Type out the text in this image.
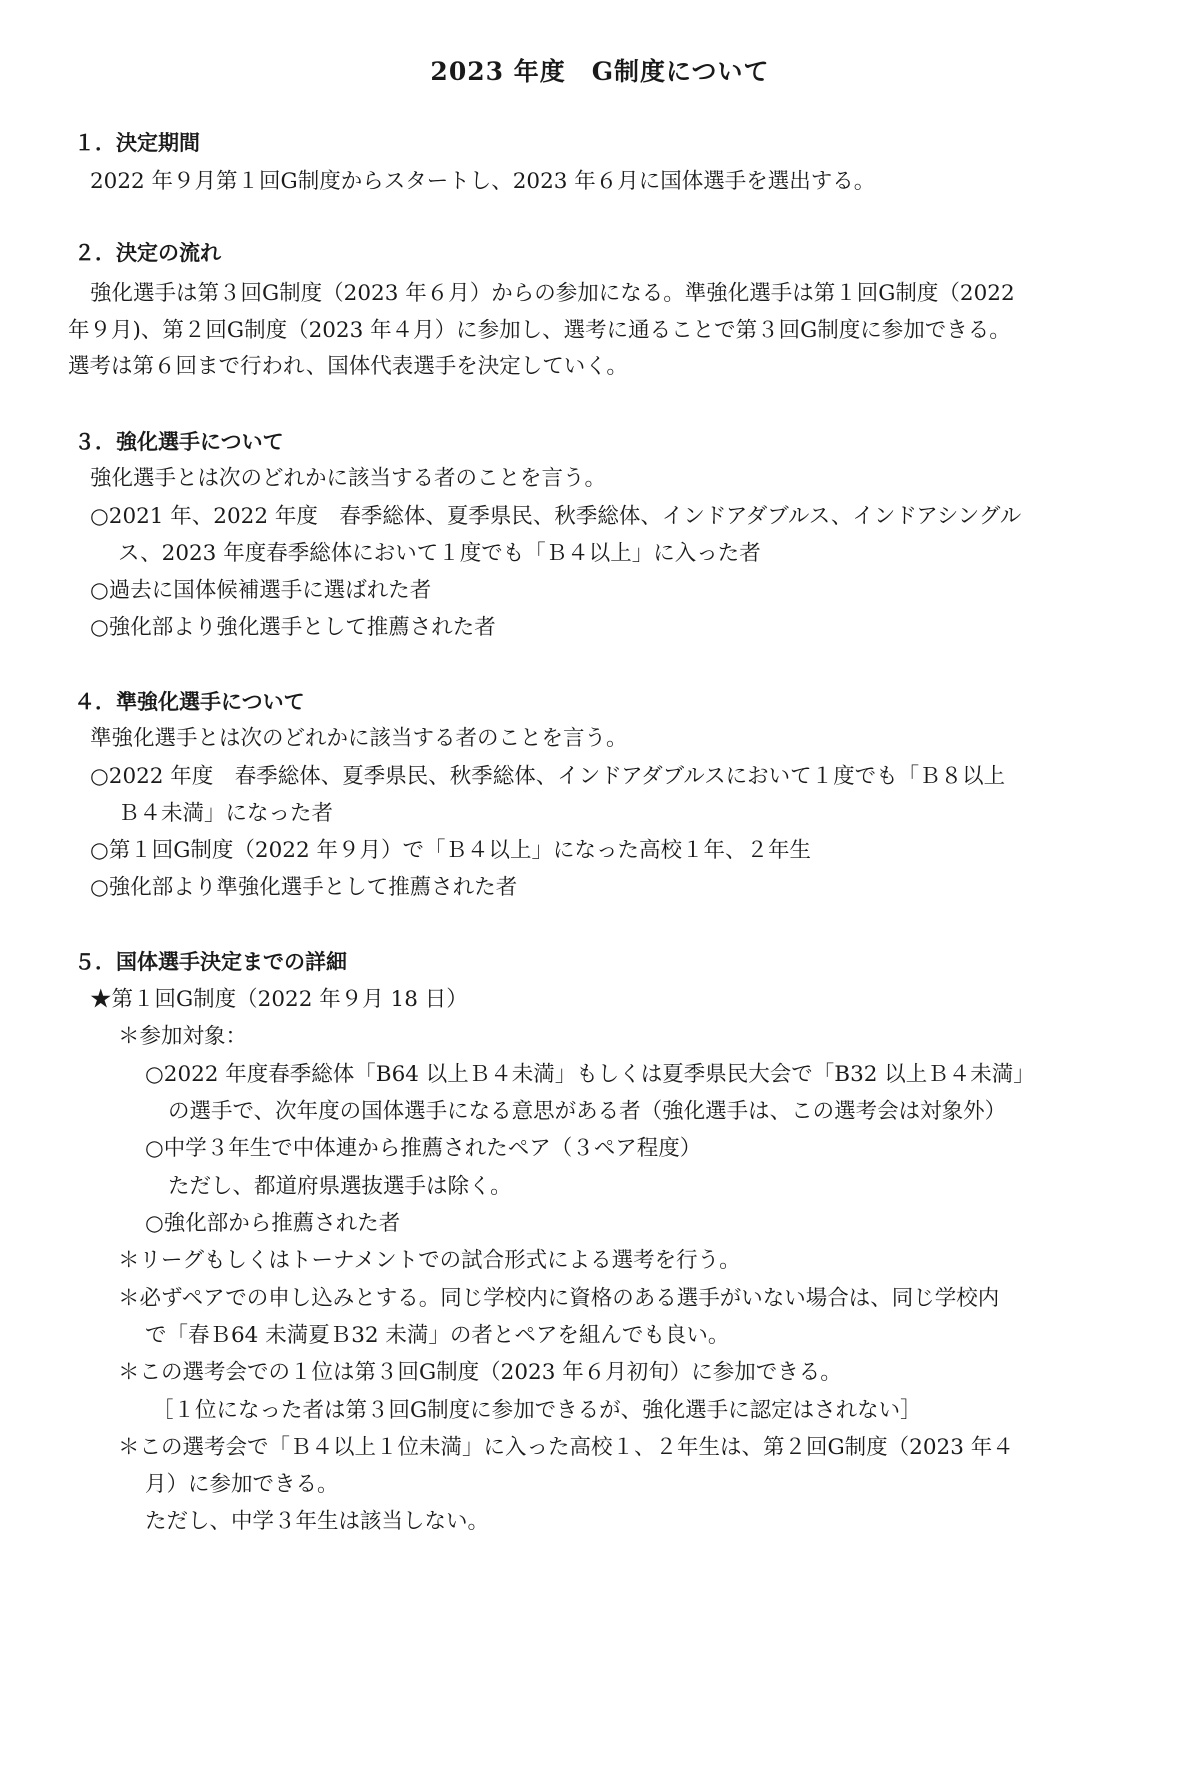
2023 年度　G制度について
１．決定期間
2022 年９月第１回G制度からスタートし、2023 年６月に国体選手を選出する。
２．決定の流れ
強化選手は第３回G制度（2023 年６月）からの参加になる。準強化選手は第１回G制度（2022
年９月)、第２回G制度（2023 年４月）に参加し、選考に通ることで第３回G制度に参加できる。
選考は第６回まで行われ、国体代表選手を決定していく。
３．強化選手について
強化選手とは次のどれかに該当する者のことを言う。
○2021 年、2022 年度　春季総体、夏季県民、秋季総体、インドアダブルス、インドアシングル
ス、2023 年度春季総体において１度でも「Ｂ４以上」に入った者
○過去に国体候補選手に選ばれた者
○強化部より強化選手として推薦された者
４．準強化選手について
準強化選手とは次のどれかに該当する者のことを言う。
○2022 年度　春季総体、夏季県民、秋季総体、インドアダブルスにおいて１度でも「Ｂ８以上
Ｂ４未満」になった者
○第１回G制度（2022 年９月）で「Ｂ４以上」になった高校１年、２年生
○強化部より準強化選手として推薦された者
５．国体選手決定までの詳細
★第１回G制度（2022 年９月 18 日）
＊参加対象：
○2022 年度春季総体「B64 以上Ｂ４未満」もしくは夏季県民大会で「B32 以上Ｂ４未満」
の選手で、次年度の国体選手になる意思がある者（強化選手は、この選考会は対象外）
○中学３年生で中体連から推薦されたペア（３ペア程度）
ただし、都道府県選抜選手は除く。
○強化部から推薦された者
＊リーグもしくはトーナメントでの試合形式による選考を行う。
＊必ずペアでの申し込みとする。同じ学校内に資格のある選手がいない場合は、同じ学校内
で「春Ｂ64 未満夏Ｂ32 未満」の者とペアを組んでも良い。
＊この選考会での１位は第３回G制度（2023 年６月初旬）に参加できる。
［１位になった者は第３回G制度に参加できるが、強化選手に認定はされない］
＊この選考会で「Ｂ４以上１位未満」に入った高校１、２年生は、第２回G制度（2023 年４
月）に参加できる。
ただし、中学３年生は該当しない。
